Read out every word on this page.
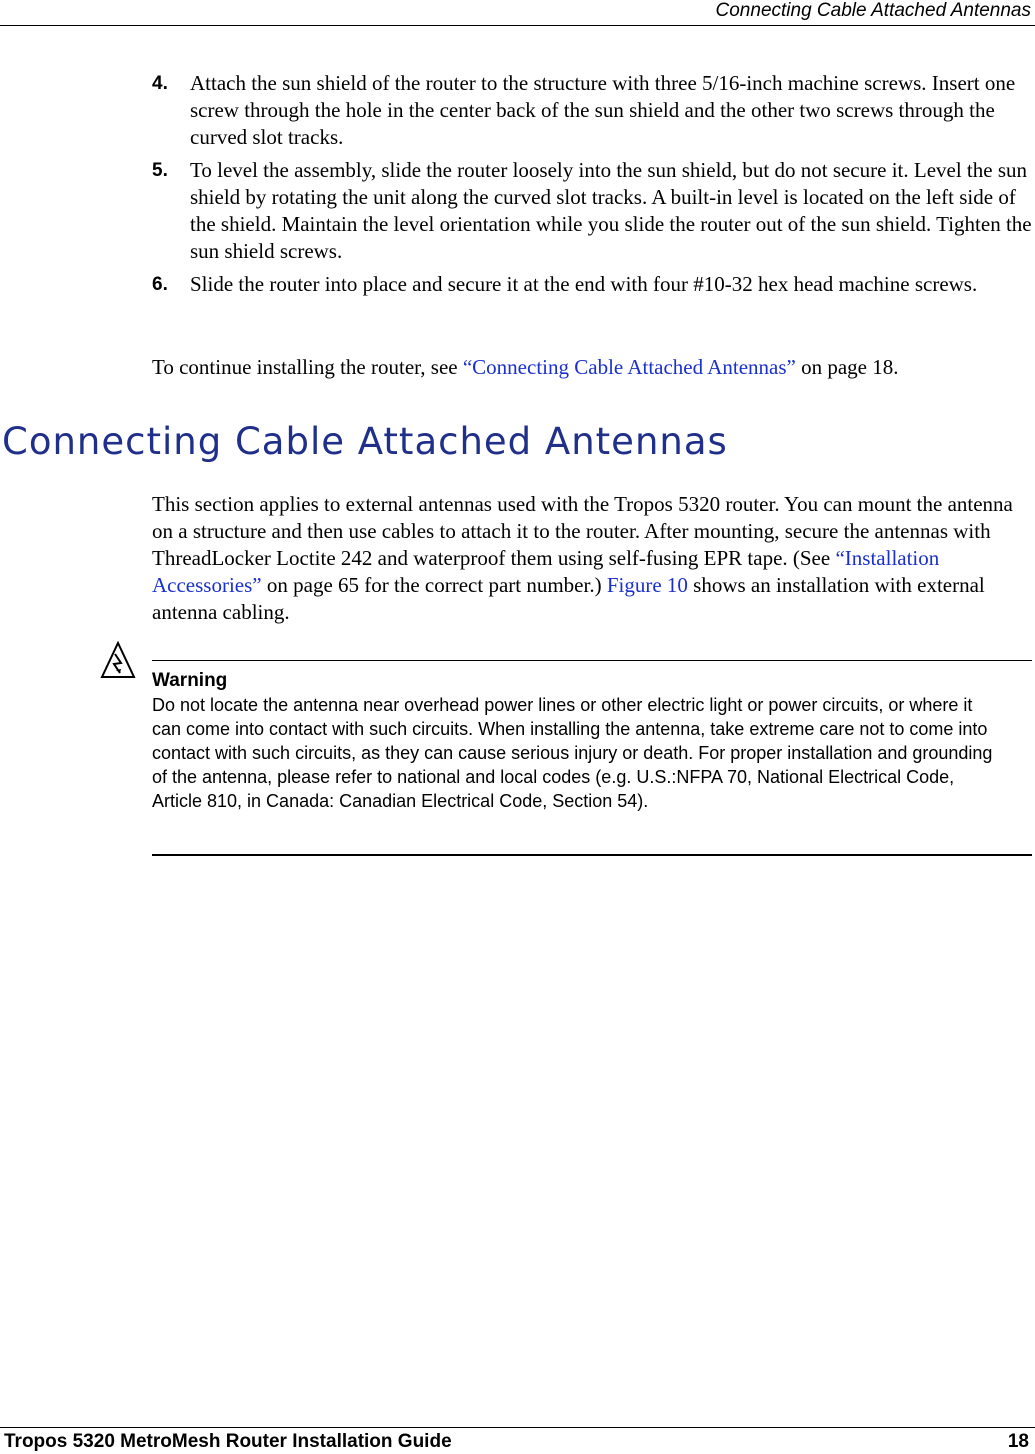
Connecting Cable Attached Antennas
4. Attach the sun shield of the router to the structure with three 5/16-inch machine screws. Insert one screw through the hole in the center back of the sun shield and the other two screws through the curved slot tracks.
5. To level the assembly, slide the router loosely into the sun shield, but do not secure it. Level the sun shield by rotating the unit along the curved slot tracks. A built-in level is located on the left side of the shield. Maintain the level orientation while you slide the router out of the sun shield. Tighten the sun shield screws.
6. Slide the router into place and secure it at the end with four #10-32 hex head machine screws.
To continue installing the router, see “Connecting Cable Attached Antennas” on page 18.
Connecting Cable Attached Antennas
This section applies to external antennas used with the Tropos 5320 router. You can mount the antenna on a structure and then use cables to attach it to the router. After mounting, secure the antennas with ThreadLocker Loctite 242 and waterproof them using self-fusing EPR tape. (See “Installation Accessories” on page 65 for the correct part number.) Figure 10 shows an installation with external antenna cabling.
Warning
Do not locate the antenna near overhead power lines or other electric light or power circuits, or where it can come into contact with such circuits. When installing the antenna, take extreme care not to come into contact with such circuits, as they can cause serious injury or death. For proper installation and grounding of the antenna, please refer to national and local codes (e.g. U.S.:NFPA 70, National Electrical Code, Article 810, in Canada: Canadian Electrical Code, Section 54).
Tropos 5320 MetroMesh Router Installation Guide	18
